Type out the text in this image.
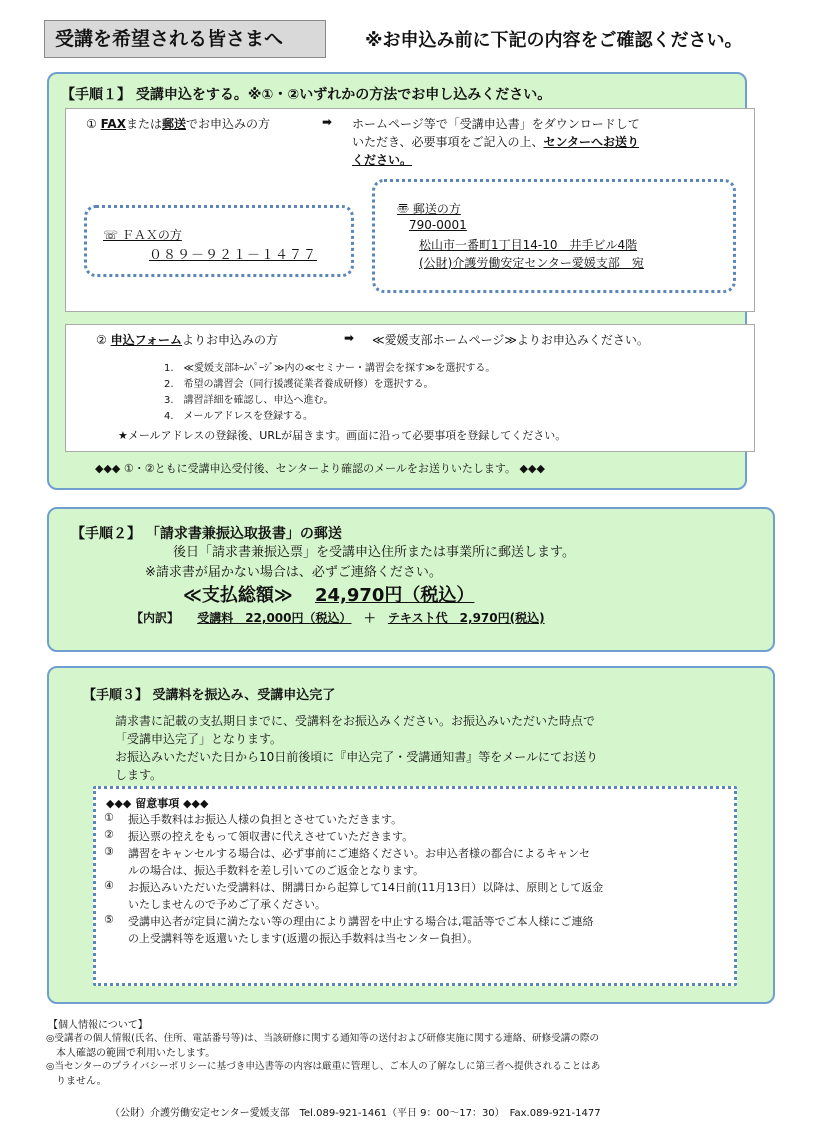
受講を希望される皆さまへ	※お申込み前に下記の内容をご確認ください。
【手順１】 受講申込をする。※①・②いずれかの方法でお申し込みください。
① FAXまたは郵送でお申込みの方	➡ ホームページ等で「受講申込書」をダウンロードして
いただき、必要事項をご記入の上、センターへお送り
ください。
☏ ＦＡＸの方
０８９－９２１－１４７７
〠 郵送の方
790-0001
松山市一番町1丁目14-10　井手ビル4階
(公財)介護労働安定センター愛媛支部　宛
② 申込フォームよりお申込みの方	➡ ≪愛媛支部ホームページ≫よりお申込みください。
1.　≪愛媛支部ﾎｰﾑﾍﾟｰｼﾞ≫内の≪セミナー・講習会を探す≫を選択する。
2.　希望の講習会（同行援護従業者養成研修）を選択する。
3.　講習詳細を確認し、申込へ進む。
4.　メールアドレスを登録する。
★メールアドレスの登録後、URLが届きます。画面に沿って必要事項を登録してください。
◆◆◆ ①・②ともに受講申込受付後、センターより確認のメールをお送りいたします。 ◆◆◆
【手順２】 「請求書兼振込取扱書」の郵送
後日「請求書兼振込票」を受講申込住所または事業所に郵送します。
※請求書が届かない場合は、必ずご連絡ください。
≪支払総額≫ 24,970円（税込）
【内訳】 受講料　22,000円（税込） ＋ テキスト代　2,970円(税込)
【手順３】 受講料を振込み、受講申込完了
請求書に記載の支払期日までに、受講料をお振込みください。お振込みいただいた時点で
「受講申込完了」となります。
お振込みいただいた日から10日前後頃に『申込完了・受講通知書』等をメールにてお送り
します。
◆◆◆ 留意事項 ◆◆◆
① 振込手数料はお振込人様の負担とさせていただきます。
② 振込票の控えをもって領収書に代えさせていただきます。
③ 講習をキャンセルする場合は、必ず事前にご連絡ください。お申込者様の都合によるキャンセ
ルの場合は、振込手数料を差し引いてのご返金となります。
④ お振込みいただいた受講料は、開講日から起算して14日前(11月13日）以降は、原則として返金
いたしませんので予めご了承ください。
⑤ 受講申込者が定員に満たない等の理由により講習を中止する場合は,電話等でご本人様にご連絡
の上受講料等を返還いたします(返還の振込手数料は当センター負担）。
【個人情報について】
◎受講者の個人情報(氏名、住所、電話番号等)は、当該研修に関する通知等の送付および研修実施に関する連絡、研修受講の際の
本人確認の範囲で利用いたします。
◎当センターのプライバシーポリシーに基づき申込書等の内容は厳重に管理し、ご本人の了解なしに第三者へ提供されることはあ
りません。
（公財）介護労働安定センター愛媛支部　Tel.089-921-1461（平日 9：00～17：30）　Fax.089-921-1477
